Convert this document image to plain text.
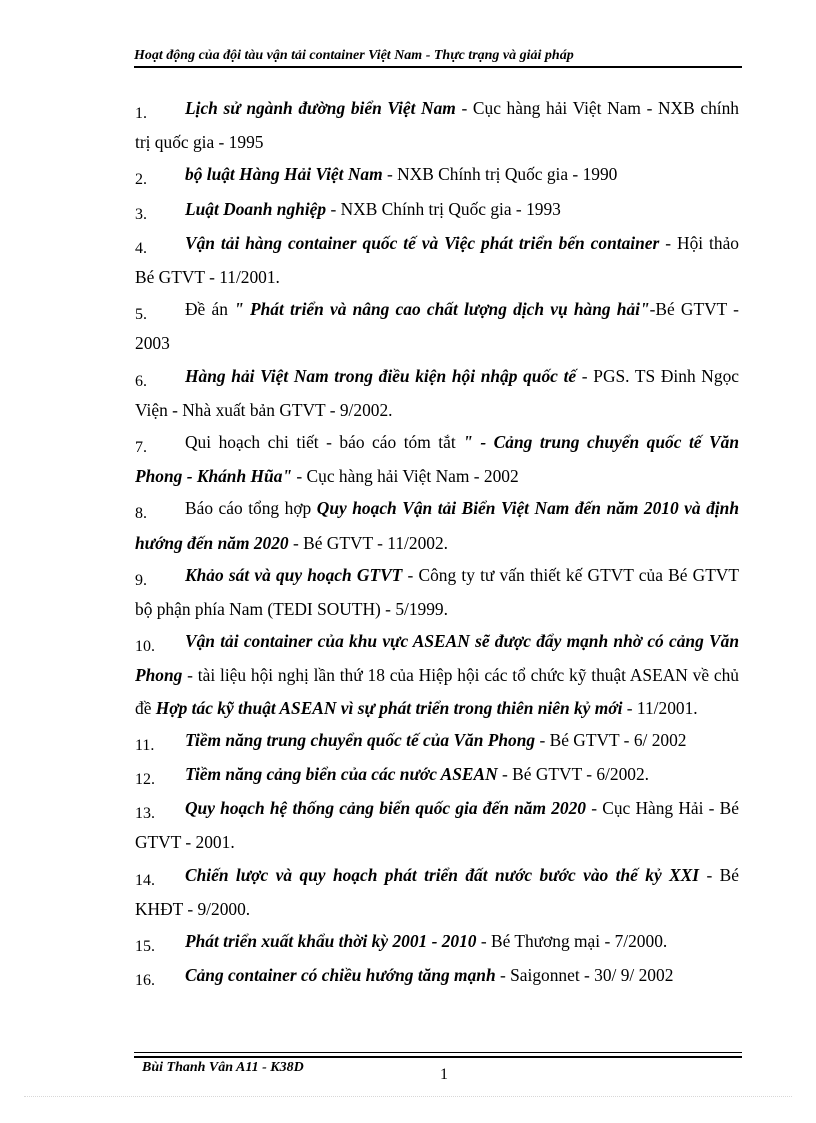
Hoạt động của đội tàu vận tải container Việt Nam - Thực trạng và giải pháp

1. Lịch sử ngành đường biển Việt Nam - Cục hàng hải Việt Nam - NXB chính trị quốc gia - 1995

2. bộ luật Hàng Hải Việt Nam - NXB Chính trị Quốc gia - 1990

3. Luật Doanh nghiệp - NXB Chính trị Quốc gia - 1993

4. Vận tải hàng container quốc tế và Việc phát triển bến container - Hội thảo Bé GTVT - 11/2001.

5. Đề án " Phát triển và nâng cao chất lượng dịch vụ hàng hải"-Bé GTVT - 2003

6. Hàng hải Việt Nam trong điều kiện hội nhập quốc tế - PGS. TS Đinh Ngọc Viện - Nhà xuất bản GTVT - 9/2002.

7. Qui hoạch chi tiết - báo cáo tóm tắt " - Cảng trung chuyển quốc tế Văn Phong - Khánh Hũa" - Cục hàng hải Việt Nam - 2002

8. Báo cáo tổng hợp Quy hoạch Vận tải Biển Việt Nam đến năm 2010 và định hướng đến năm 2020 - Bé GTVT - 11/2002.

9. Khảo sát và quy hoạch GTVT - Công ty tư vấn thiết kế GTVT của Bé GTVT bộ phận phía Nam (TEDI SOUTH) - 5/1999.

10. Vận tải container của khu vực ASEAN sẽ được đẩy mạnh nhờ có cảng Văn Phong - tài liệu hội nghị lần thứ 18 của Hiệp hội các tổ chức kỹ thuật ASEAN về chủ đề Hợp tác kỹ thuật ASEAN vì sự phát triển trong thiên niên kỷ mới - 11/2001.

11. Tiềm năng trung chuyển quốc tế của Văn Phong - Bé GTVT - 6/ 2002

12. Tiềm năng cảng biển của các nước ASEAN - Bé GTVT - 6/2002.

13. Quy hoạch hệ thống cảng biển quốc gia đến năm 2020 - Cục Hàng Hải - Bé GTVT - 2001.

14. Chiến lược và quy hoạch phát triển đất nước bước vào thế kỷ XXI - Bé KHĐT - 9/2000.

15. Phát triển xuất khẩu thời kỳ 2001 - 2010 - Bé Thương mại - 7/2000.

16. Cảng container có chiều hướng tăng mạnh - Saigonnet - 30/ 9/ 2002

Bùi Thanh Vân A11 - K38D	1
